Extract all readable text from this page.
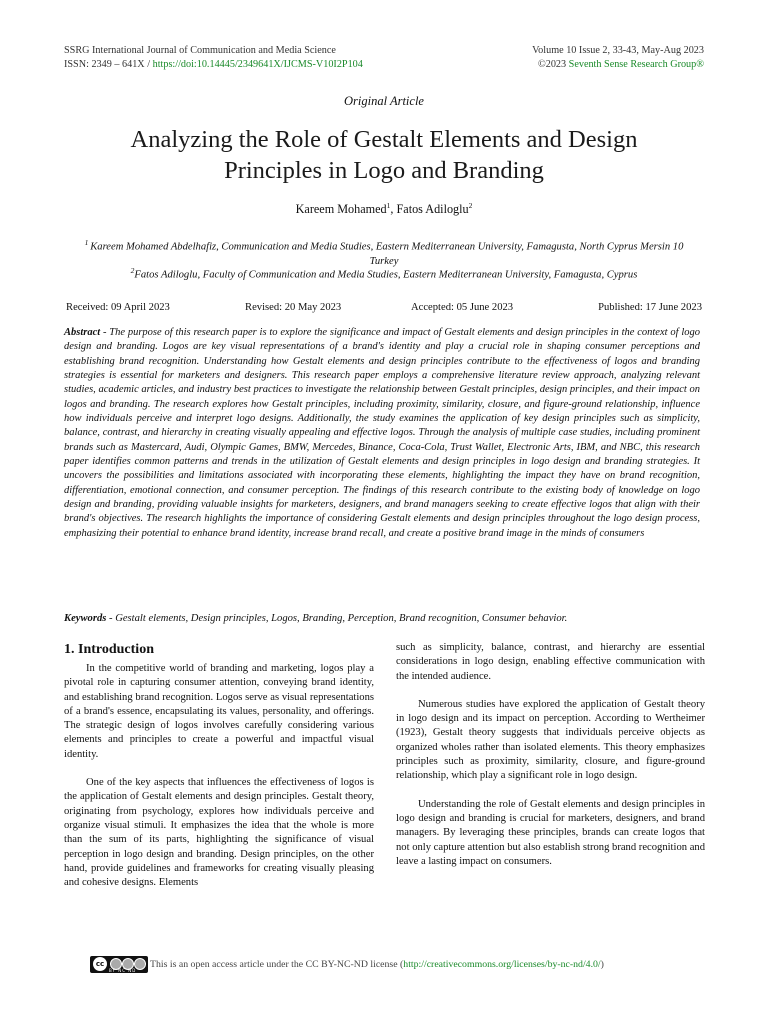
SSRG International Journal of Communication and Media Science
ISSN: 2349 – 641X / https://doi:10.14445/2349641X/IJCMS-V10I2P104
Volume 10 Issue 2, 33-43, May-Aug 2023
©2023 Seventh Sense Research Group®
Original Article
Analyzing the Role of Gestalt Elements and Design Principles in Logo and Branding
Kareem Mohamed$^1$, Fatos Adiloglu$^2$
$^1$ Kareem Mohamed Abdelhafiz, Communication and Media Studies, Eastern Mediterranean University, Famagusta, North Cyprus Mersin 10 Turkey
$^2$Fatos Adiloglu, Faculty of Communication and Media Studies, Eastern Mediterranean University, Famagusta, Cyprus
Received: 09 April 2023	Revised: 20 May 2023	Accepted: 05 June 2023	Published: 17 June 2023
Abstract - The purpose of this research paper is to explore the significance and impact of Gestalt elements and design principles in the context of logo design and branding. Logos are key visual representations of a brand's identity and play a crucial role in shaping consumer perceptions and establishing brand recognition. Understanding how Gestalt elements and design principles contribute to the effectiveness of logos and branding strategies is essential for marketers and designers. This research paper employs a comprehensive literature review approach, analyzing relevant studies, academic articles, and industry best practices to investigate the relationship between Gestalt principles, design principles, and their impact on logos and branding. The research explores how Gestalt principles, including proximity, similarity, closure, and figure-ground relationship, influence how individuals perceive and interpret logo designs. Additionally, the study examines the application of key design principles such as simplicity, balance, contrast, and hierarchy in creating visually appealing and effective logos. Through the analysis of multiple case studies, including prominent brands such as Mastercard, Audi, Olympic Games, BMW, Mercedes, Binance, Coca-Cola, Trust Wallet, Electronic Arts, IBM, and NBC, this research paper identifies common patterns and trends in the utilization of Gestalt elements and design principles in logo design and branding strategies. It uncovers the possibilities and limitations associated with incorporating these elements, highlighting the impact they have on brand recognition, differentiation, emotional connection, and consumer perception. The findings of this research contribute to the existing body of knowledge on logo design and branding, providing valuable insights for marketers, designers, and brand managers seeking to create effective logos that align with their brand's objectives. The research highlights the importance of considering Gestalt elements and design principles throughout the logo design process, emphasizing their potential to enhance brand identity, increase brand recall, and create a positive brand image in the minds of consumers
Keywords - Gestalt elements, Design principles, Logos, Branding, Perception, Brand recognition, Consumer behavior.
1. Introduction

In the competitive world of branding and marketing, logos play a pivotal role in capturing consumer attention, conveying brand identity, and establishing brand recognition. Logos serve as visual representations of a brand's essence, encapsulating its values, personality, and offerings. The strategic design of logos involves carefully considering various elements and principles to create a powerful and impactful visual identity.

One of the key aspects that influences the effectiveness of logos is the application of Gestalt elements and design principles. Gestalt theory, originating from psychology, explores how individuals perceive and organize visual stimuli. It emphasizes the idea that the whole is more than the sum of its parts, highlighting the significance of visual perception in logo design and branding. Design principles, on the other hand, provide guidelines and frameworks for creating visually pleasing and cohesive designs. Elements

such as simplicity, balance, contrast, and hierarchy are essential considerations in logo design, enabling effective communication with the intended audience.

Numerous studies have explored the application of Gestalt theory in logo design and its impact on perception. According to Wertheimer (1923), Gestalt theory suggests that individuals perceive objects as organized wholes rather than isolated elements. This theory emphasizes principles such as proximity, similarity, closure, and figure-ground relationship, which play a significant role in logo design.

Understanding the role of Gestalt elements and design principles in logo design and branding is crucial for marketers, designers, and brand managers. By leveraging these principles, brands can create logos that not only capture attention but also establish strong brand recognition and leave a lasting impact on consumers.

cc
BY NC ND
This is an open access article under the CC BY-NC-ND license (http://creativecommons.org/licenses/by-nc-nd/4.0/)
